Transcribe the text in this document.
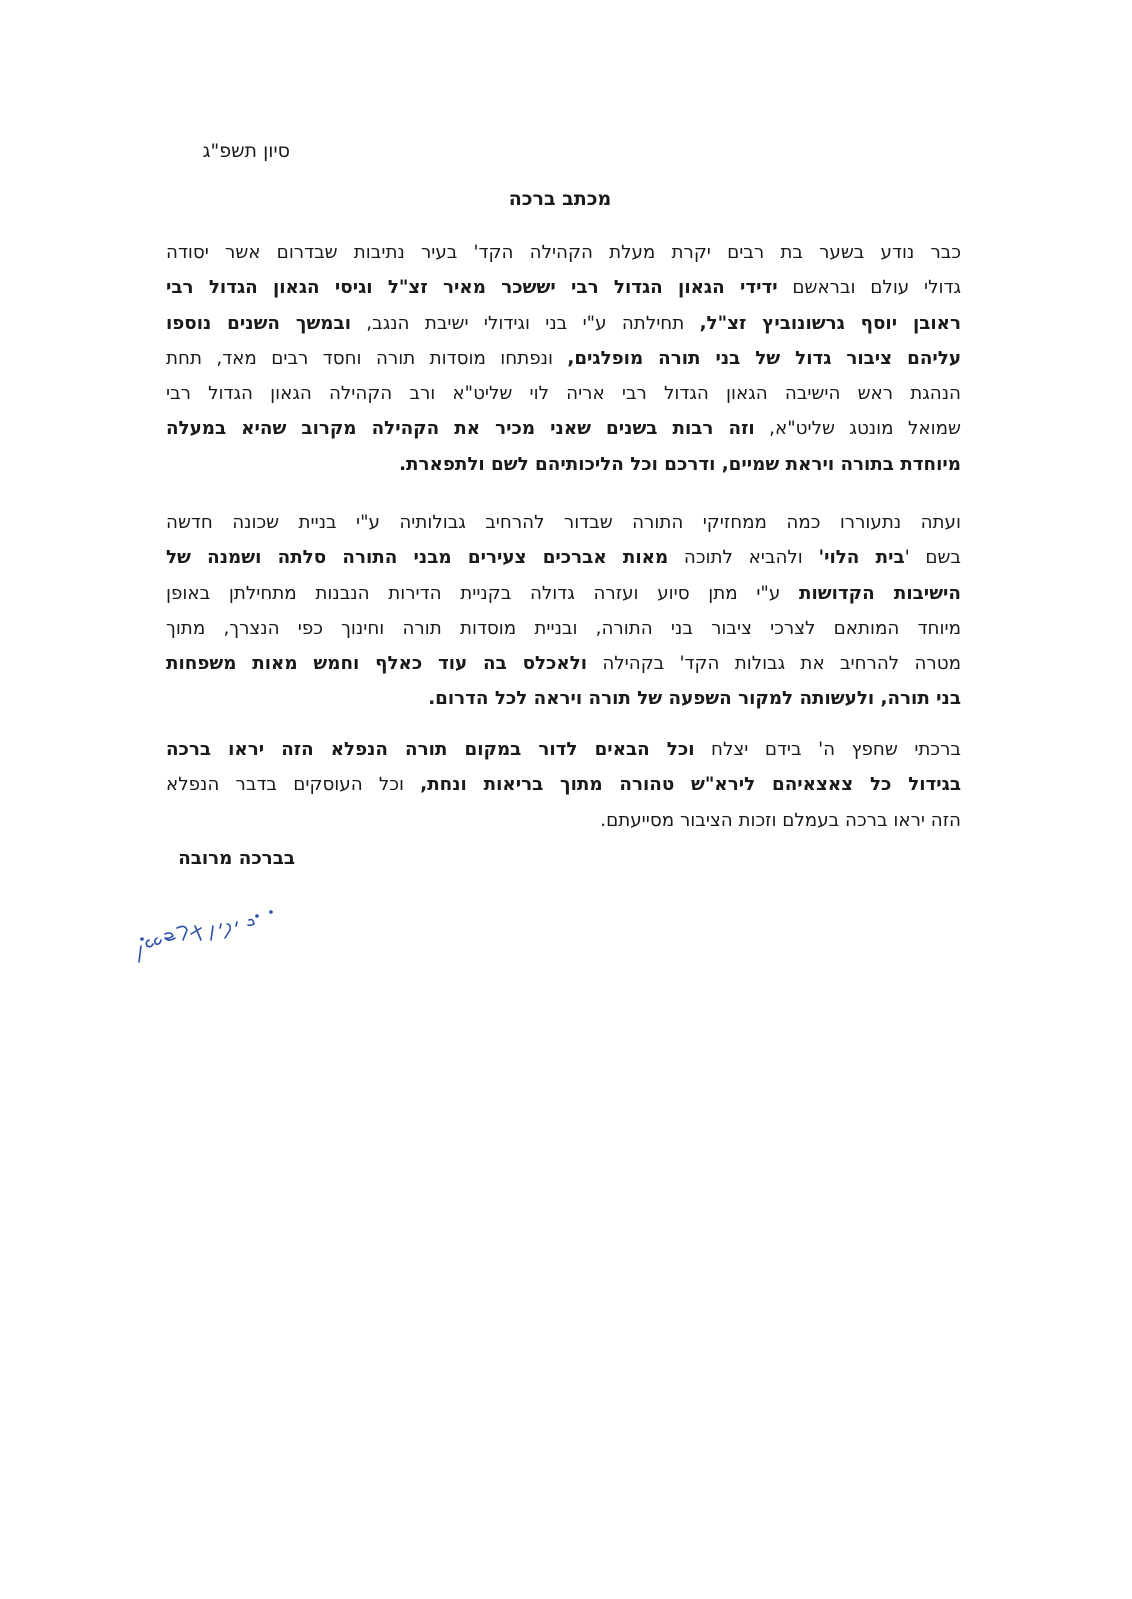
סיון תשפ"ג
מכתב ברכה
כבר נודע בשער בת רבים יקרת מעלת הקהילה הקד' בעיר נתיבות שבדרום אשר יסודה
גדולי עולם ובראשם ידידי הגאון הגדול רבי יששכר מאיר זצ"ל וגיסי הגאון הגדול רבי
ראובן יוסף גרשונוביץ זצ"ל, תחילתה ע"י בני וגידולי ישיבת הנגב, ובמשך השנים נוספו
עליהם ציבור גדול של בני תורה מופלגים, ונפתחו מוסדות תורה וחסד רבים מאד, תחת
הנהגת ראש הישיבה הגאון הגדול רבי אריה לוי שליט"א ורב הקהילה הגאון הגדול רבי
שמואל מונטג שליט"א, וזה רבות בשנים שאני מכיר את הקהילה מקרוב שהיא במעלה
מיוחדת בתורה ויראת שמיים, ודרכם וכל הליכותיהם לשם ולתפארת.
ועתה נתעוררו כמה ממחזיקי התורה שבדור להרחיב גבולותיה ע"י בניית שכונה חדשה
בשם 'בית הלוי' ולהביא לתוכה מאות אברכים צעירים מבני התורה סלתה ושמנה של
הישיבות הקדושות ע"י מתן סיוע ועזרה גדולה בקניית הדירות הנבנות מתחילתן באופן
מיוחד המותאם לצרכי ציבור בני התורה, ובניית מוסדות תורה וחינוך כפי הנצרך, מתוך
מטרה להרחיב את גבולות הקד' בקהילה ולאכלס בה עוד כאלף וחמש מאות משפחות
בני תורה, ולעשותה למקור השפעה של תורה ויראה לכל הדרום.
ברכתי שחפץ ה' בידם יצלח וכל הבאים לדור במקום תורה הנפלא הזה יראו ברכה
בגידול כל צאצאיהם לירא"ש טהורה מתוך בריאות ונחת, וכל העוסקים בדבר הנפלא
הזה יראו ברכה בעמלם וזכות הציבור מסייעתם.
בברכה מרובה
